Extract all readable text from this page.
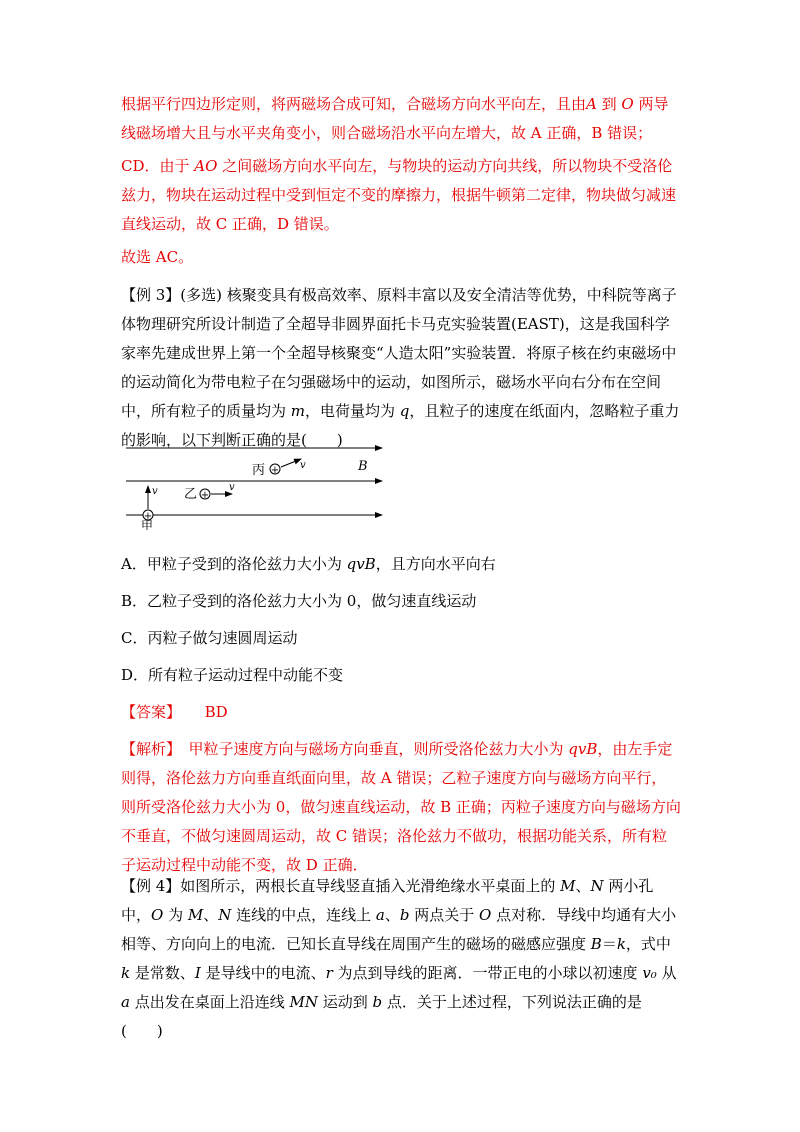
根据平行四边形定则，将两磁场合成可知，合磁场方向水平向左，且由A 到 O 两导线磁场增大且与水平夹角变小，则合磁场沿水平向左增大，故 A 正确，B 错误；

CD．由于 AO 之间磁场方向水平向左，与物块的运动方向共线，所以物块不受洛伦兹力，物块在运动过程中受到恒定不变的摩擦力，根据牛顿第二定律，物块做匀减速直线运动，故 C 正确，D 错误。

故选 AC。

【例 3】(多选) 核聚变具有极高效率、原料丰富以及安全清洁等优势，中科院等离子体物理研究所设计制造了全超导非圆界面托卡马克实验装置(EAST)，这是我国科学家率先建成世界上第一个全超导核聚变“人造太阳”实验装置．将原子核在约束磁场中的运动简化为带电粒子在匀强磁场中的运动，如图所示，磁场水平向右分布在空间中，所有粒子的质量均为 m，电荷量均为 q，且粒子的速度在纸面内，忽略粒子重力的影响，以下判断正确的是(　　)

丙 + v	B
乙 +
v
+
v
甲

A．甲粒子受到的洛伦兹力大小为 qvB，且方向水平向右

B．乙粒子受到的洛伦兹力大小为 0，做匀速直线运动

C．丙粒子做匀速圆周运动

D．所有粒子运动过程中动能不变

【答案】 BD

【解析】　甲粒子速度方向与磁场方向垂直，则所受洛伦兹力大小为 qvB，由左手定则得，洛伦兹力方向垂直纸面向里，故 A 错误；乙粒子速度方向与磁场方向平行，则所受洛伦兹力大小为 0，做匀速直线运动，故 B 正确；丙粒子速度方向与磁场方向不垂直，不做匀速圆周运动，故 C 错误；洛伦兹力不做功，根据功能关系，所有粒子运动过程中动能不变，故 D 正确．

【例 4】如图所示，两根长直导线竖直插入光滑绝缘水平桌面上的 M、N 两小孔中，O 为 M、N 连线的中点，连线上 a、b 两点关于 O 点对称．导线中均通有大小相等、方向向上的电流．已知长直导线在周围产生的磁场的磁感应强度 B＝k，式中 k 是常数、I 是导线中的电流、r 为点到导线的距离．一带正电的小球以初速度 v₀ 从 a 点出发在桌面上沿连线 MN 运动到 b 点．关于上述过程，下列说法正确的是(　　)
